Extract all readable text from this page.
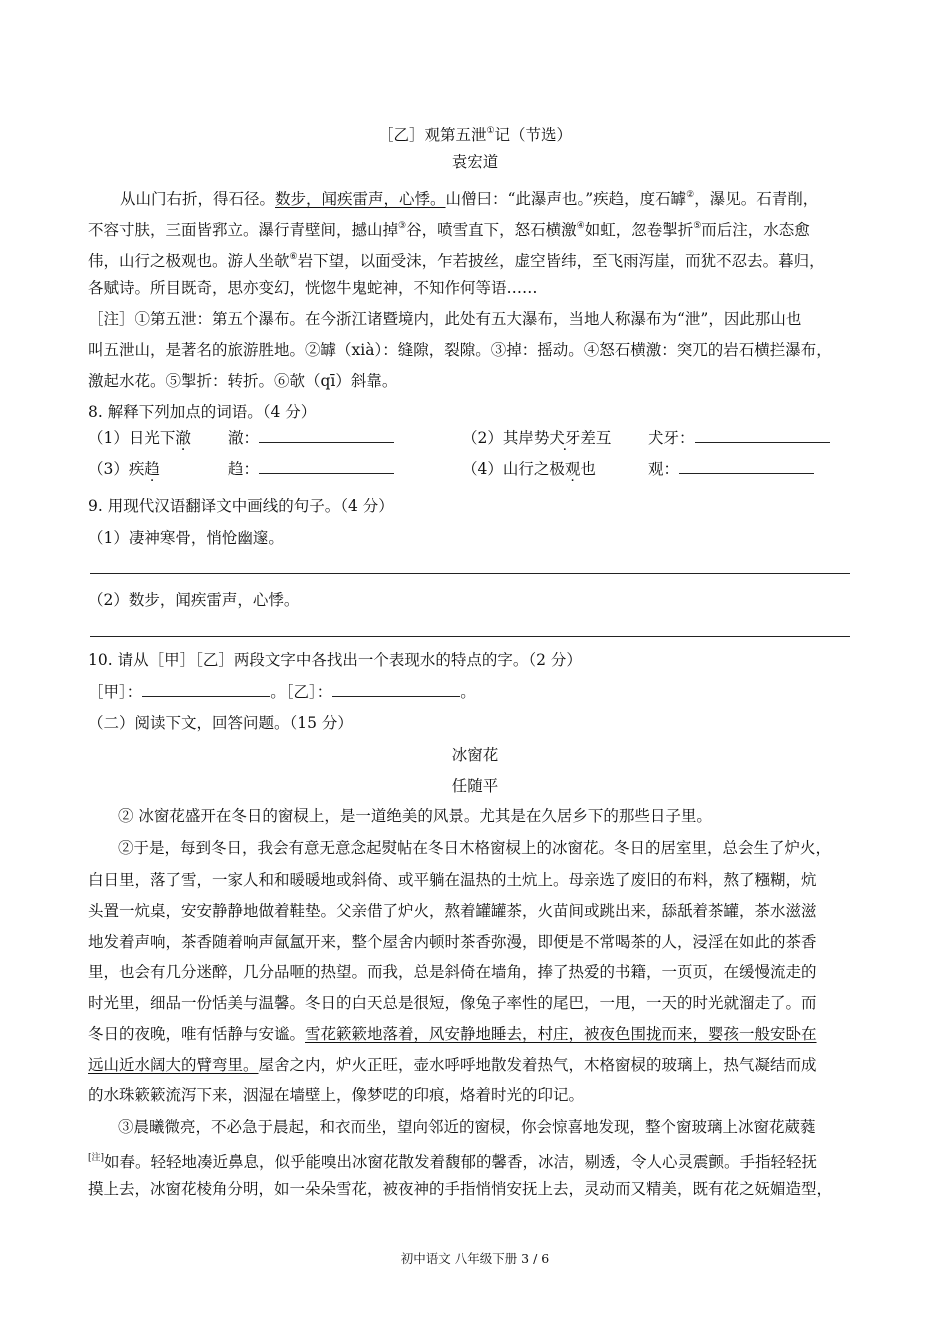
［乙］观第五泄①记（节选）
袁宏道
从山门右折，得石径。数步，闻疾雷声，心悸。山僧曰：“此瀑声也。”疾趋，度石罅②，瀑见。石青削，
不容寸肤，三面皆郛立。瀑行青壁间，撼山掉③谷，喷雪直下，怒石横激④如虹，忽卷掣折⑤而后注，水态愈
伟，山行之极观也。游人坐欹⑥岩下望，以面受沫，乍若披丝，虚空皆纬，至飞雨泻崖，而犹不忍去。暮归，
各赋诗。所目既奇，思亦变幻，恍惚牛鬼蛇神，不知作何等语……
［注］①第五泄：第五个瀑布。在今浙江诸暨境内，此处有五大瀑布，当地人称瀑布为“泄”，因此那山也
叫五泄山，是著名的旅游胜地。②罅（xià）：缝隙，裂隙。③掉：摇动。④怒石横激：突兀的岩石横拦瀑布，
激起水花。⑤掣折：转折。⑥欹（qī）斜靠。
8. 解释下列加点的词语。（4 分）
（1）日光下澈 澈：	（2）其岸势犬牙差互 犬牙：
（3）疾趋	趋：	（4）山行之极观也	观：
9. 用现代汉语翻译文中画线的句子。（4 分）
（1）凄神寒骨，悄怆幽邃。
（2）数步，闻疾雷声，心悸。
10. 请从［甲］［乙］两段文字中各找出一个表现水的特点的字。（2 分）
［甲］：	。［乙］：	。
（二）阅读下文，回答问题。（15 分）
冰窗花
任随平
② 冰窗花盛开在冬日的窗棂上，是一道绝美的风景。尤其是在久居乡下的那些日子里。
②于是，每到冬日，我会有意无意念起熨帖在冬日木格窗棂上的冰窗花。冬日的居室里，总会生了炉火，
白日里，落了雪，一家人和和暖暖地或斜倚、或平躺在温热的土炕上。母亲选了废旧的布料，熬了糨糊，炕
头置一炕桌，安安静静地做着鞋垫。父亲借了炉火，熬着罐罐茶，火苗间或跳出来，舔舐着茶罐，茶水滋滋
地发着声响，茶香随着响声氤氲开来，整个屋舍内顿时茶香弥漫，即便是不常喝茶的人，浸淫在如此的茶香
里，也会有几分迷醉，几分品咂的热望。而我，总是斜倚在墙角，捧了热爱的书籍，一页页，在缓慢流走的
时光里，细品一份恬美与温馨。冬日的白天总是很短，像兔子率性的尾巴，一甩，一天的时光就溜走了。而
冬日的夜晚，唯有恬静与安谧。雪花簌簌地落着，风安静地睡去，村庄，被夜色围拢而来，婴孩一般安卧在
远山近水阔大的臂弯里。屋舍之内，炉火正旺，壶水呼呼地散发着热气，木格窗棂的玻璃上，热气凝结而成
的水珠簌簌流泻下来，洇湿在墙壁上，像梦呓的印痕，烙着时光的印记。
③晨曦微亮，不必急于晨起，和衣而坐，望向邻近的窗棂，你会惊喜地发现，整个窗玻璃上冰窗花葳蕤
[注]如春。轻轻地凑近鼻息，似乎能嗅出冰窗花散发着馥郁的馨香，冰洁，剔透，令人心灵震颤。手指轻轻抚
摸上去，冰窗花棱角分明，如一朵朵雪花，被夜神的手指悄悄安抚上去，灵动而又精美，既有花之妩媚造型，
初中语文 八年级下册 3 / 6
